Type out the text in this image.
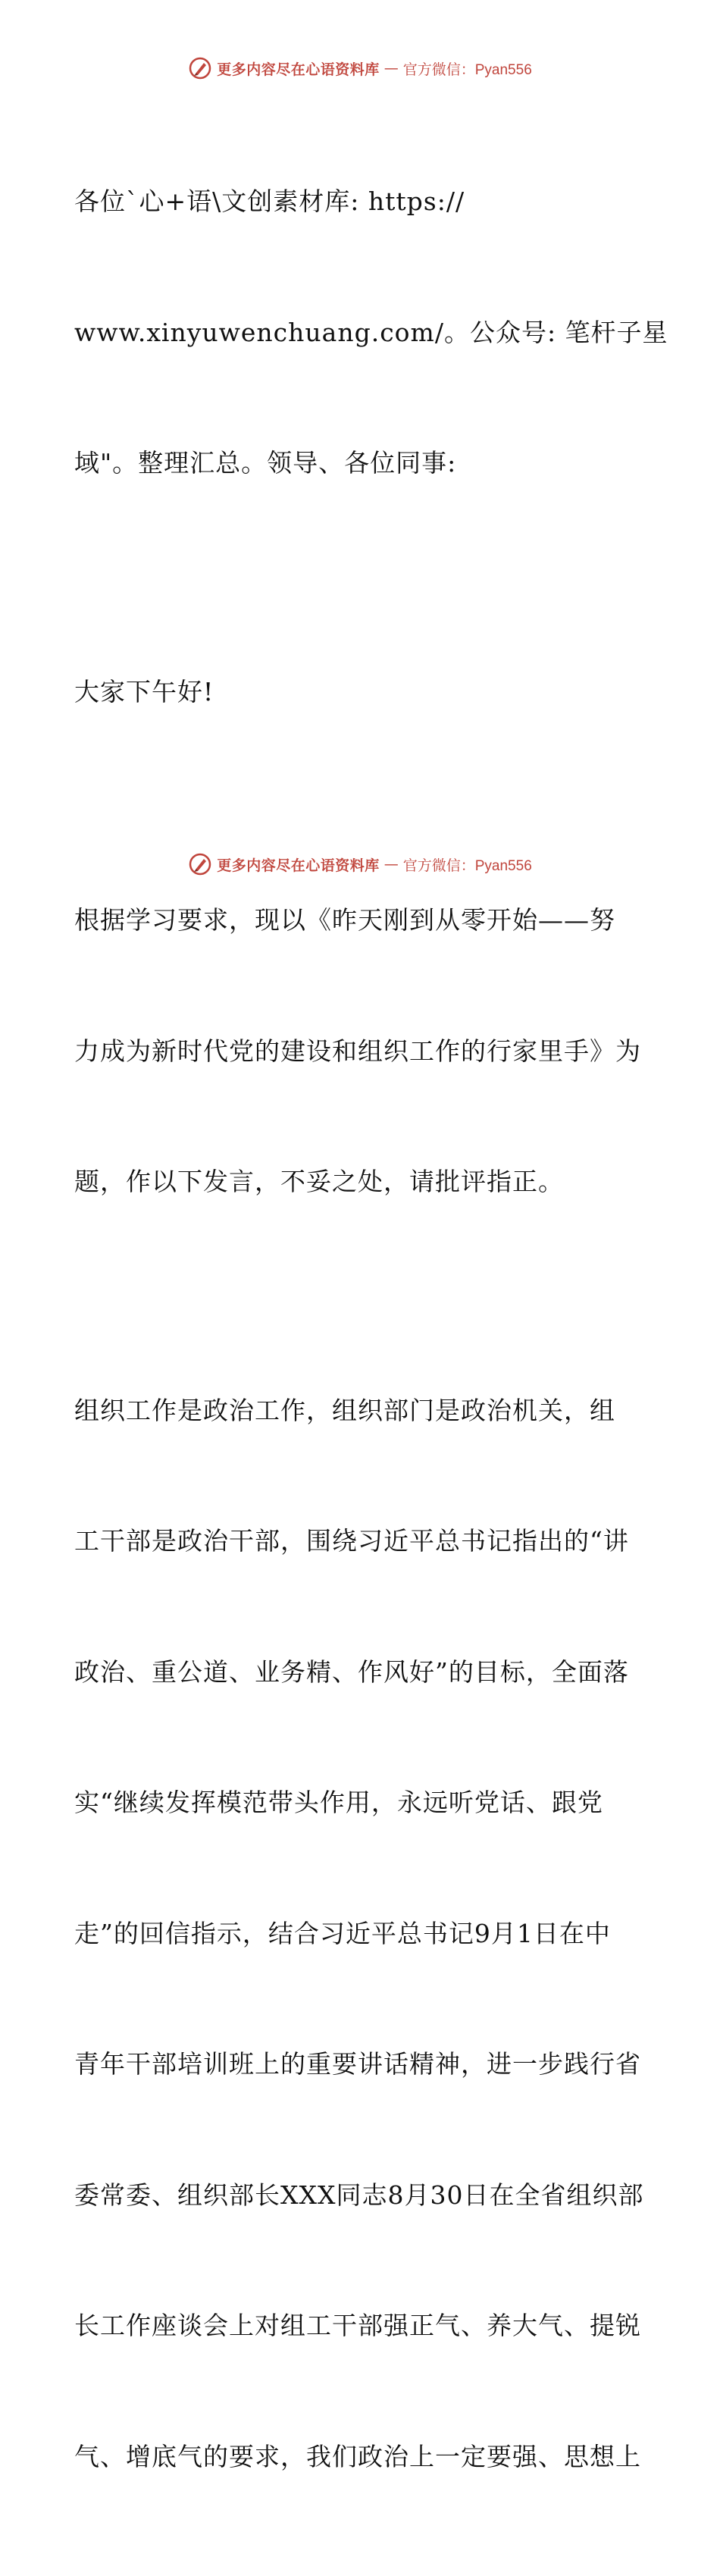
更多内容尽在心语资料库 — 官方微信：Pyan556

各位`心+语\文创素材库: https://

www.xinyuwenchuang.com/。公众号: 笔杆子星

域"。整理汇总。领导、各位同事:

大家下午好!

根据学习要求，现以《昨天刚到从零开始——努

力成为新时代党的建设和组织工作的行家里手》为

题，作以下发言，不妥之处，请批评指正。

组织工作是政治工作，组织部门是政治机关，组

工干部是政治干部，围绕习近平总书记指出的“讲

政治、重公道、业务精、作风好”的目标，全面落

实“继续发挥模范带头作用，永远听党话、跟党

走”的回信指示，结合习近平总书记9月1日在中

青年干部培训班上的重要讲话精神，进一步践行省

委常委、组织部长XXX同志8月30日在全省组织部

长工作座谈会上对组工干部强正气、养大气、提锐

气、增底气的要求，我们政治上一定要强、思想上

更多内容尽在心语资料库 — 官方微信：Pyan556
